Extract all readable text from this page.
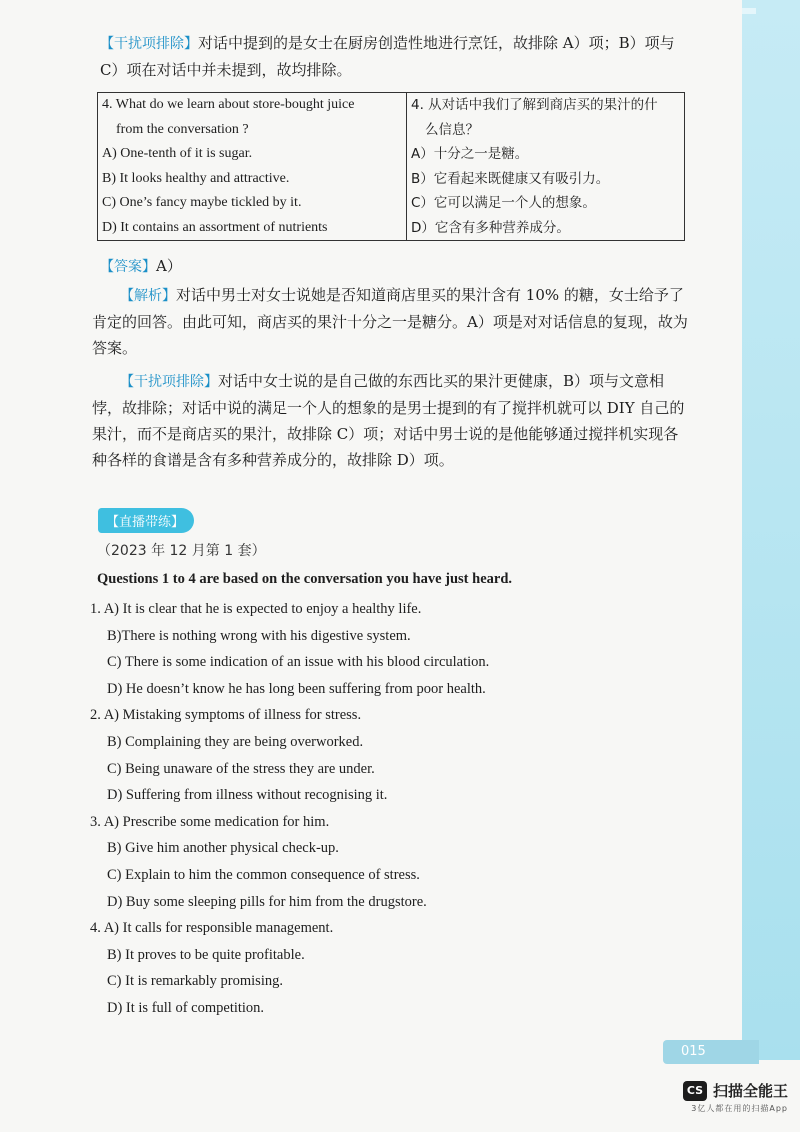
【干扰项排除】对话中提到的是女士在厨房创造性地进行烹饪，故排除 A）项；B）项与 C）项在对话中并未提到，故均排除。

4. What do we learn about store-bought juice	4. 从对话中我们了解到商店买的果汁的什
from the conversation ?	么信息？
A) One-tenth of it is sugar.	A）十分之一是糖。
B) It looks healthy and attractive.	B）它看起来既健康又有吸引力。
C) One’s fancy maybe tickled by it.	C）它可以满足一个人的想象。
D) It contains an assortment of nutrients	D）它含有多种营养成分。

【答案】A）

【解析】对话中男士对女士说她是否知道商店里买的果汁含有 10% 的糖，女士给予了肯定的回答。由此可知，商店买的果汁十分之一是糖分。A）项是对对话信息的复现，故为答案。

【干扰项排除】对话中女士说的是自己做的东西比买的果汁更健康，B）项与文意相悖，故排除；对话中说的满足一个人的想象的是男士提到的有了搅拌机就可以 DIY 自己的果汁，而不是商店买的果汁，故排除 C）项；对话中男士说的是他能够通过搅拌机实现各种各样的食谱是含有多种营养成分的，故排除 D）项。

【直播带练】
（2023 年 12 月第 1 套）
Questions 1 to 4 are based on the conversation you have just heard.
1. A) It is clear that he is expected to enjoy a healthy life.
B)There is nothing wrong with his digestive system.
C) There is some indication of an issue with his blood circulation.
D) He doesn’t know he has long been suffering from poor health.
2. A) Mistaking symptoms of illness for stress.
B) Complaining they are being overworked.
C) Being unaware of the stress they are under.
D) Suffering from illness without recognising it.
3. A) Prescribe some medication for him.
B) Give him another physical check-up.
C) Explain to him the common consequence of stress.
D) Buy some sleeping pills for him from the drugstore.
4. A) It calls for responsible management.
B) It proves to be quite profitable.
C) It is remarkably promising.
D) It is full of competition.
015
CS 扫描全能王
3亿人都在用的扫描App
